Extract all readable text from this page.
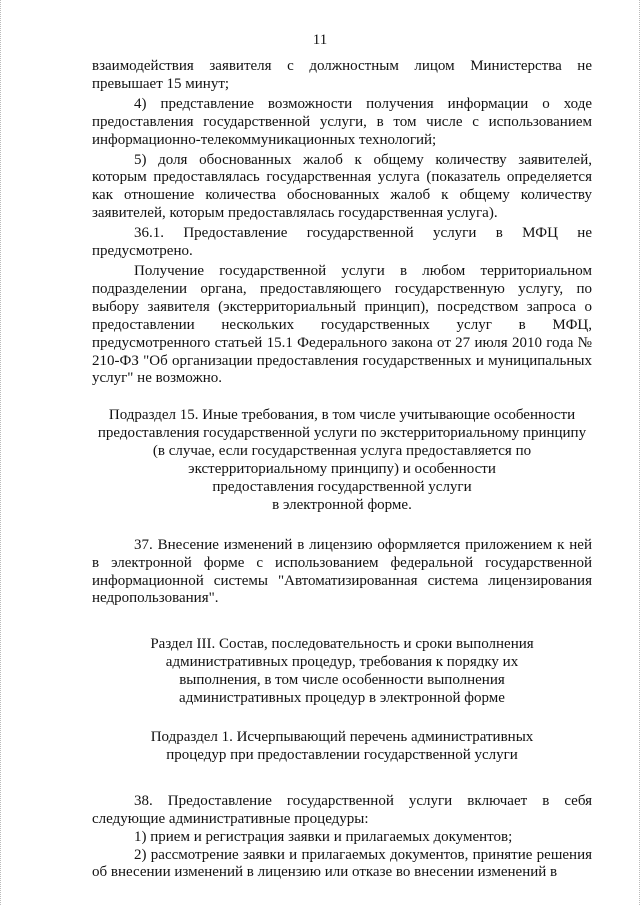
11

взаимодействия заявителя с должностным лицом Министерства не превышает 15 минут;

4) представление возможности получения информации о ходе предоставления государственной услуги, в том числе с использованием информационно-телекоммуникационных технологий;

5) доля обоснованных жалоб к общему количеству заявителей, которым предоставлялась государственная услуга (показатель определяется как отношение количества обоснованных жалоб к общему количеству заявителей, которым предоставлялась государственная услуга).

36.1. Предоставление государственной услуги в МФЦ не предусмотрено.

Получение государственной услуги в любом территориальном подразделении органа, предоставляющего государственную услугу, по выбору заявителя (экстерриториальный принцип), посредством запроса о предоставлении нескольких государственных услуг в МФЦ, предусмотренного статьей 15.1 Федерального закона от 27 июля 2010 года № 210-ФЗ "Об организации предоставления государственных и муниципальных услуг" не возможно.

Подраздел 15. Иные требования, в том числе учитывающие особенности
предоставления государственной услуги по экстерриториальному принципу
(в случае, если государственная услуга предоставляется по
экстерриториальному принципу) и особенности
предоставления государственной услуги
в электронной форме.

37. Внесение изменений в лицензию оформляется приложением к ней в электронной форме с использованием федеральной государственной информационной системы "Автоматизированная система лицензирования недропользования".

Раздел III. Состав, последовательность и сроки выполнения
административных процедур, требования к порядку их
выполнения, в том числе особенности выполнения
административных процедур в электронной форме
Подраздел 1. Исчерпывающий перечень административных
процедур при предоставлении государственной услуги

38. Предоставление государственной услуги включает в себя следующие административные процедуры:

1) прием и регистрация заявки и прилагаемых документов;

2) рассмотрение заявки и прилагаемых документов, принятие решения об внесении изменений в лицензию или отказе во внесении изменений в
